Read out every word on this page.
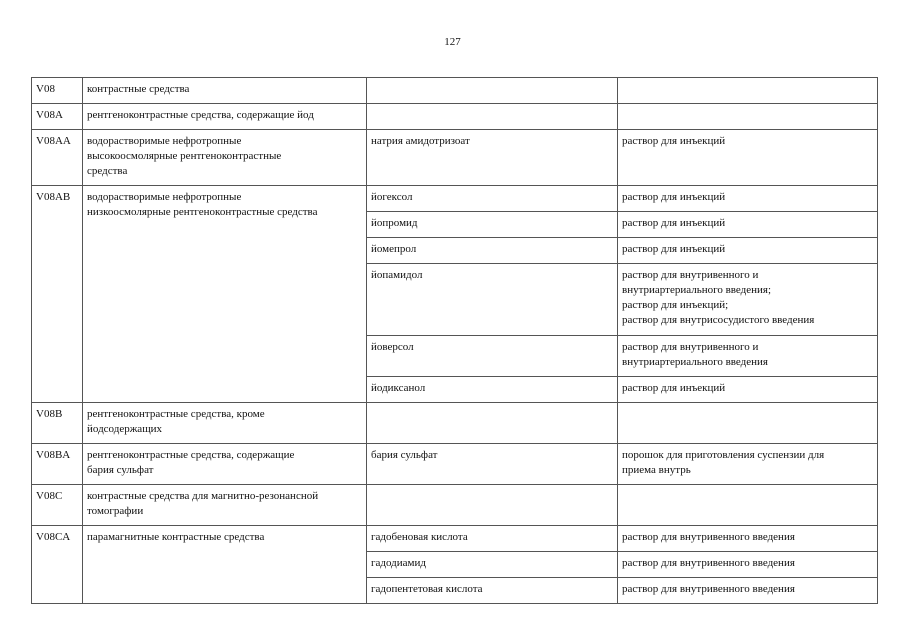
127
V08	контрастные средства		
V08A	рентгеноконтрастные средства, содержащие йод		
V08AA	водорастворимые нефротропные
высокоосмолярные рентгеноконтрастные
средства	натрия амидотризоат	раствор для инъекций
V08AB	водорастворимые нефротропные
низкоосмолярные рентгеноконтрастные средства	йогексол	раствор для инъекций
		йопромид	раствор для инъекций
		йомепрол	раствор для инъекций
		йопамидол	раствор для внутривенного и
внутриартериального введения;
раствор для инъекций;
раствор для внутрисосудистого введения
		йоверсол	раствор для внутривенного и
внутриартериального введения
		йодиксанол	раствор для инъекций
V08B	рентгеноконтрастные средства, кроме
йодсодержащих		
V08BA	рентгеноконтрастные средства, содержащие
бария сульфат	бария сульфат	порошок для приготовления суспензии для
приема внутрь
V08C	контрастные средства для магнитно-резонансной
томографии		
V08CA	парамагнитные контрастные средства	гадобеновая кислота	раствор для внутривенного введения
		гадодиамид	раствор для внутривенного введения
		гадопентетовая кислота	раствор для внутривенного введения
